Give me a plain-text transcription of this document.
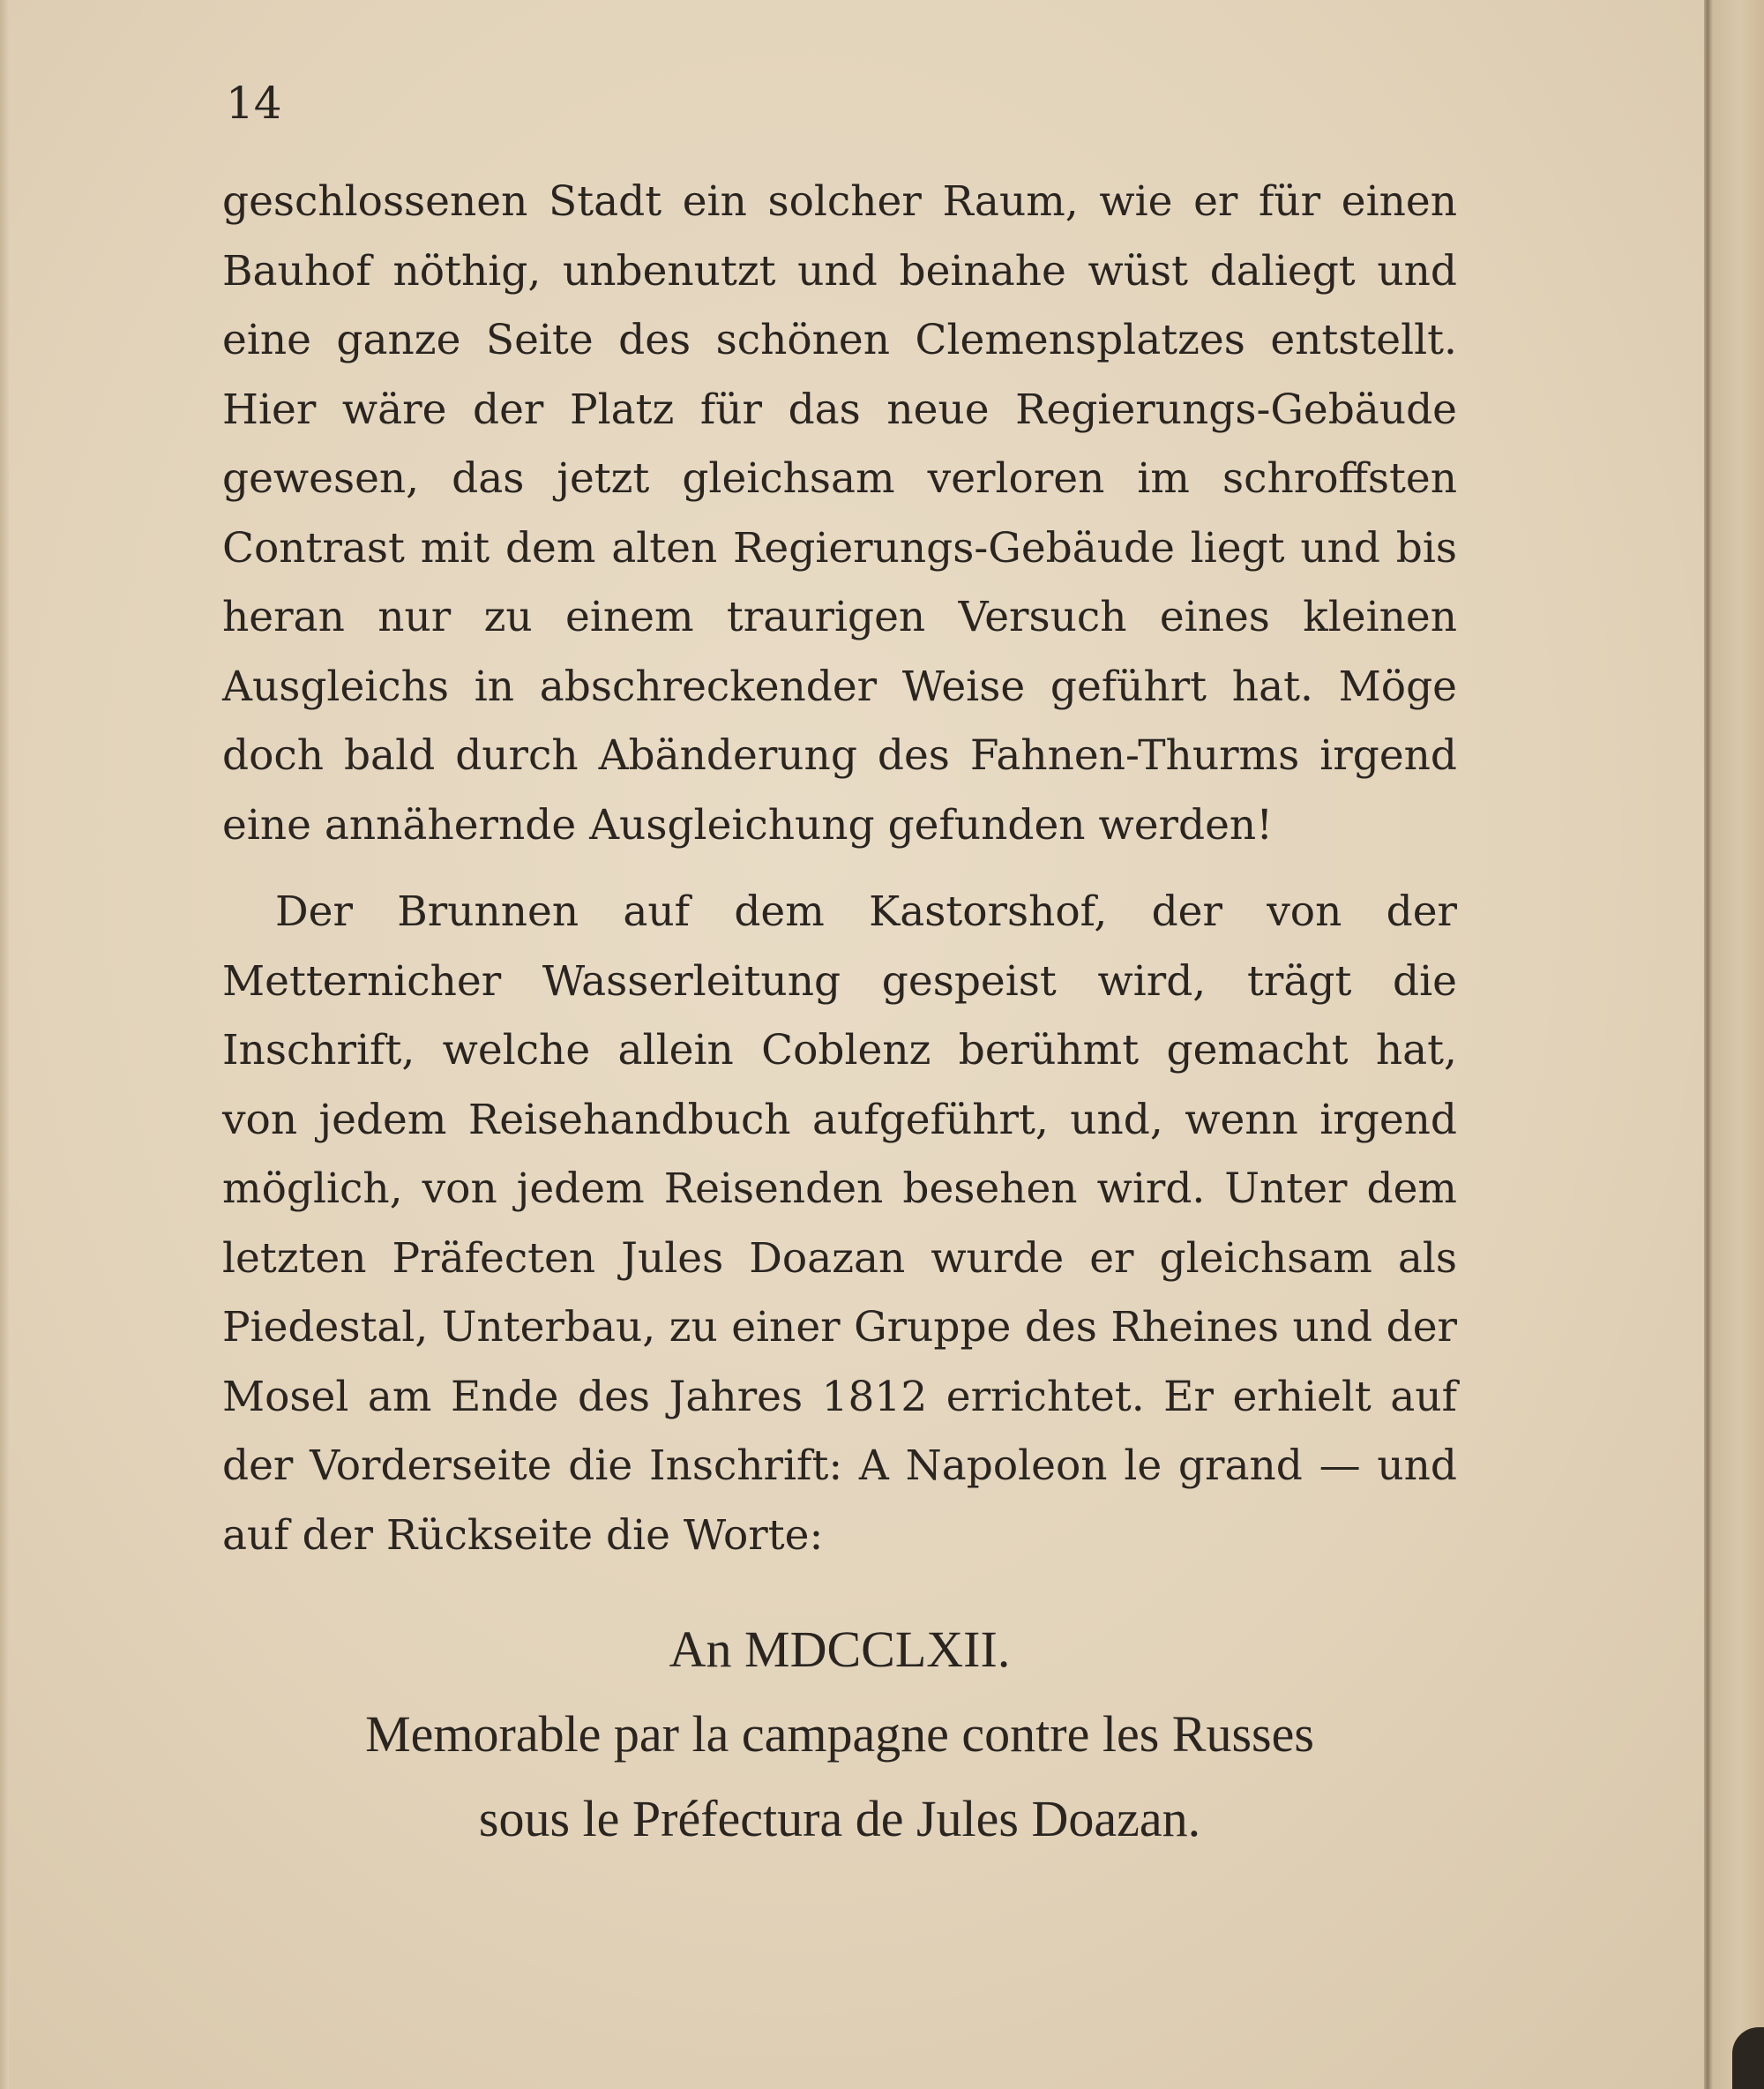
14

geschlossenen Stadt ein solcher Raum, wie er für einen Bauhof nöthig, unbenutzt und beinahe wüst daliegt und eine ganze Seite des schönen Clemensplatzes entstellt. Hier wäre der Platz für das neue Regierungs-Gebäude gewesen, das jetzt gleichsam verloren im schroffsten Contrast mit dem alten Regierungs-Gebäude liegt und bis heran nur zu einem traurigen Versuch eines kleinen Ausgleichs in abschreckender Weise geführt hat. Möge doch bald durch Abänderung des Fahnen-Thurms irgend eine annähernde Ausgleichung gefunden werden!

Der Brunnen auf dem Kastorshof, der von der Metternicher Wasserleitung gespeist wird, trägt die Inschrift, welche allein Coblenz berühmt gemacht hat, von jedem Reisehandbuch aufgeführt, und, wenn irgend möglich, von jedem Reisenden besehen wird. Unter dem letzten Präfecten Jules Doazan wurde er gleichsam als Piedestal, Unterbau, zu einer Gruppe des Rheines und der Mosel am Ende des Jahres 1812 errichtet. Er erhielt auf der Vorderseite die Inschrift: A Napoleon le grand — und auf der Rückseite die Worte:

An MDCCLXII.
Memorable par la campagne contre les Russes
sous le Préfectura de Jules Doazan.
